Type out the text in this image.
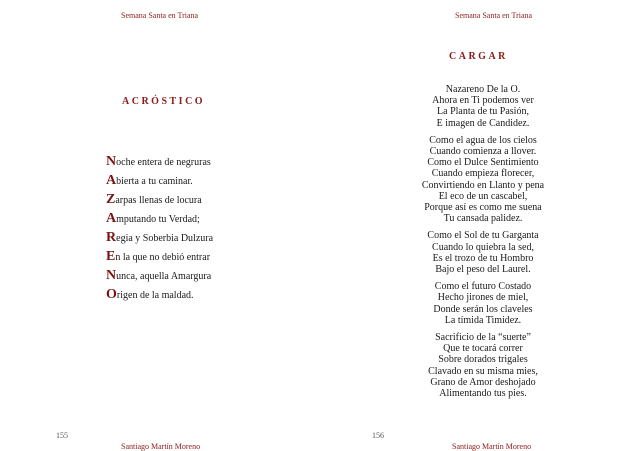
Semana Santa en Triana
ACRÓSTICO
Noche entera de negruras
Abierta a tu caminar.
Zarpas llenas de locura
Amputando tu Verdad;
Regia y Soberbia Dulzura
En la que no debió entrar
Nunca, aquella Amargura
Origen de la maldad.
155
Santiago Martín Moreno
Semana Santa en Triana
CARGAR
Nazareno De la O.
Ahora en Ti podemos ver
La Planta de tu Pasión,
E imagen de Candidez.
Como el agua de los cielos
Cuando comienza a llover.
Como el Dulce Sentimiento
Cuando empieza florecer,
Convirtiendo en Llanto y pena
El eco de un cascabel,
Porque así es como me suena
Tu cansada palidez.
Como el Sol de tu Garganta
Cuando lo quiebra la sed,
Es el trozo de tu Hombro
Bajo el peso del Laurel.
Como el futuro Costado
Hecho jirones de miel,
Donde serán los claveles
La tímida Timidez.
Sacrificio de la “suerte”
Que te tocará correr
Sobre dorados trigales
Clavado en su misma mies,
Grano de Amor deshojado
Alimentando tus pies.
156
Santiago Martín Moreno
